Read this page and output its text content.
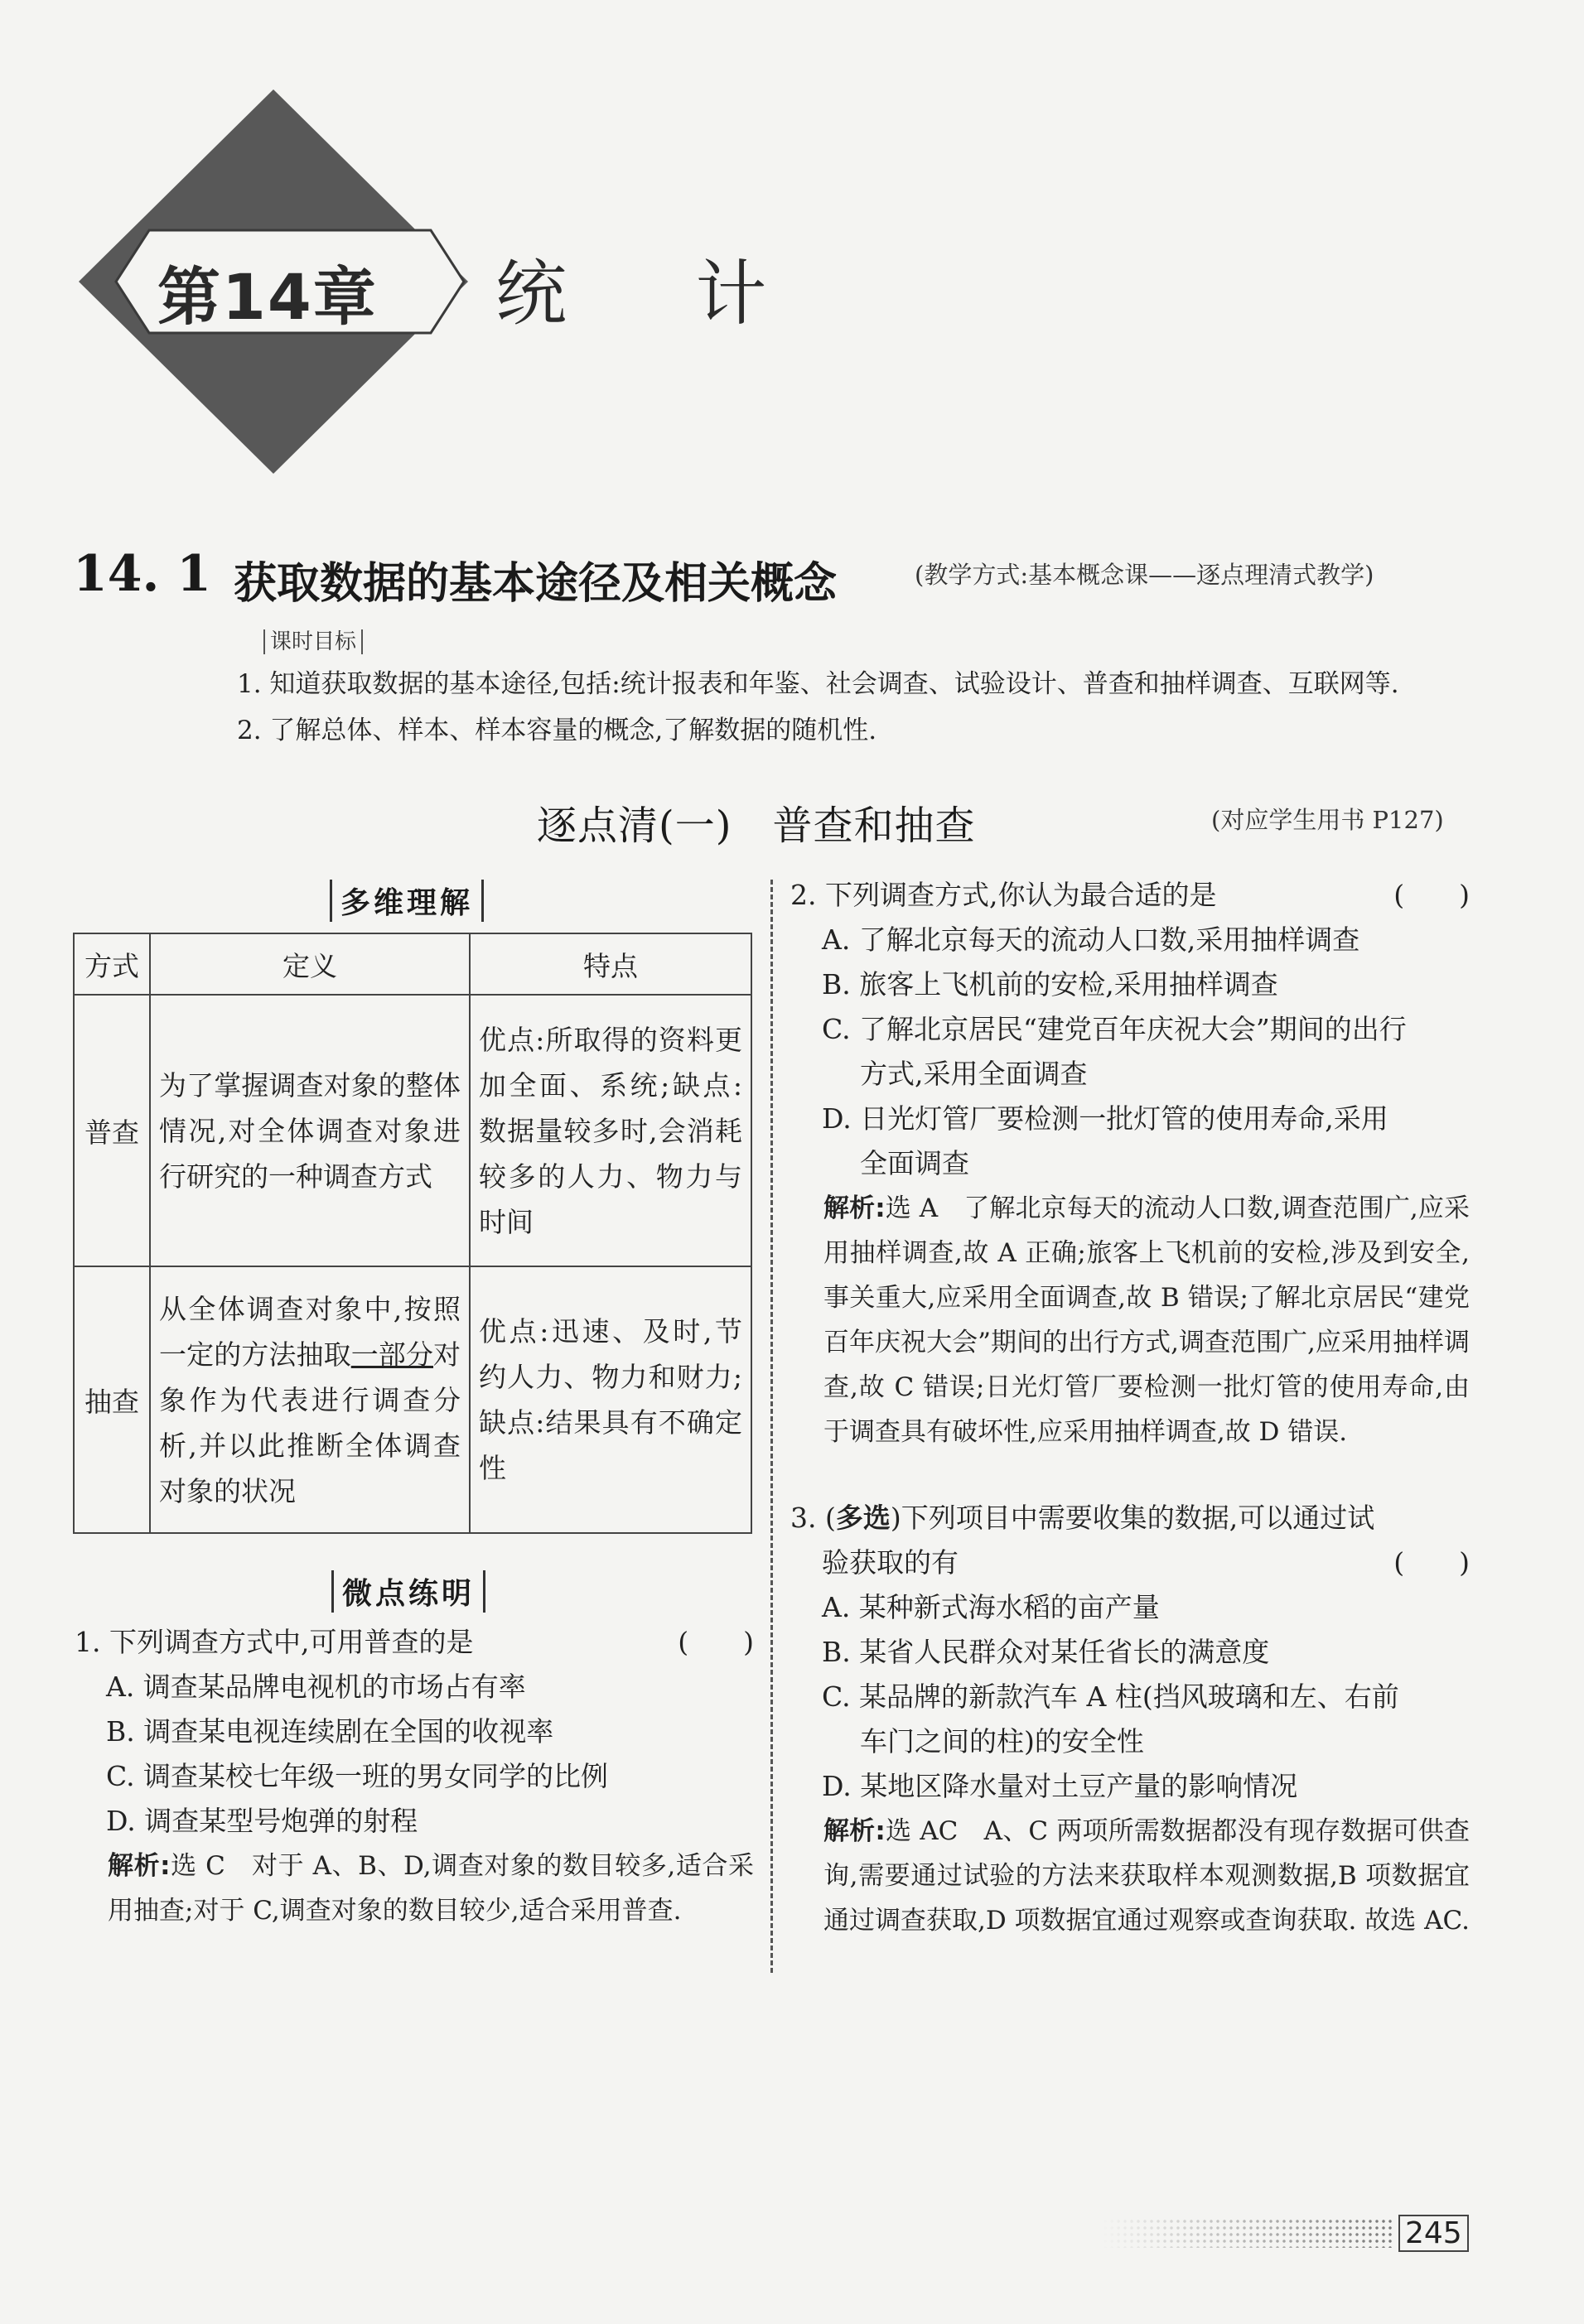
第14章 统 计
14. 1 获取数据的基本途径及相关概念	(教学方式:基本概念课——逐点理清式教学)
课时目标
1. 知道获取数据的基本途径,包括:统计报表和年鉴、社会调查、试验设计、普查和抽样调查、互联网等.
2. 了解总体、样本、样本容量的概念,了解数据的随机性.
逐点清(一)　普查和抽查	(对应学生用书 P127)
多维理解
方式	定义	特点
普查	为了掌握调查对象的整体情况,对全体调查对象进行研究的一种调查方式	优点:所取得的资料更加全面、系统;缺点:数据量较多时,会消耗较多的人力、物力与时间
抽查	从全体调查对象中,按照一定的方法抽取一部分对象作为代表进行调查分析,并以此推断全体调查对象的状况	优点:迅速、及时,节约人力、物力和财力;缺点:结果具有不确定性
微点练明
1. 下列调查方式中,可用普查的是	(　　)
A. 调查某品牌电视机的市场占有率
B. 调查某电视连续剧在全国的收视率
C. 调查某校七年级一班的男女同学的比例
D. 调查某型号炮弹的射程
解析:选 C　对于 A、B、D,调查对象的数目较多,适合采用抽查;对于 C,调查对象的数目较少,适合采用普查.
2. 下列调查方式,你认为最合适的是	(　　)
A. 了解北京每天的流动人口数,采用抽样调查
B. 旅客上飞机前的安检,采用抽样调查
C. 了解北京居民“建党百年庆祝大会”期间的出行
方式,采用全面调查
D. 日光灯管厂要检测一批灯管的使用寿命,采用
全面调查
解析:选 A　了解北京每天的流动人口数,调查范围广,应采用抽样调查,故 A 正确;旅客上飞机前的安检,涉及到安全,事关重大,应采用全面调查,故 B 错误;了解北京居民“建党百年庆祝大会”期间的出行方式,调查范围广,应采用抽样调查,故 C 错误;日光灯管厂要检测一批灯管的使用寿命,由于调查具有破坏性,应采用抽样调查,故 D 错误.
3. (多选)下列项目中需要收集的数据,可以通过试
验获取的有	(　　)
A. 某种新式海水稻的亩产量
B. 某省人民群众对某任省长的满意度
C. 某品牌的新款汽车 A 柱(挡风玻璃和左、右前
车门之间的柱)的安全性
D. 某地区降水量对土豆产量的影响情况
解析:选 AC　A、C 两项所需数据都没有现存数据可供查询,需要通过试验的方法来获取样本观测数据,B 项数据宜通过调查获取,D 项数据宜通过观察或查询获取. 故选 AC.
245
